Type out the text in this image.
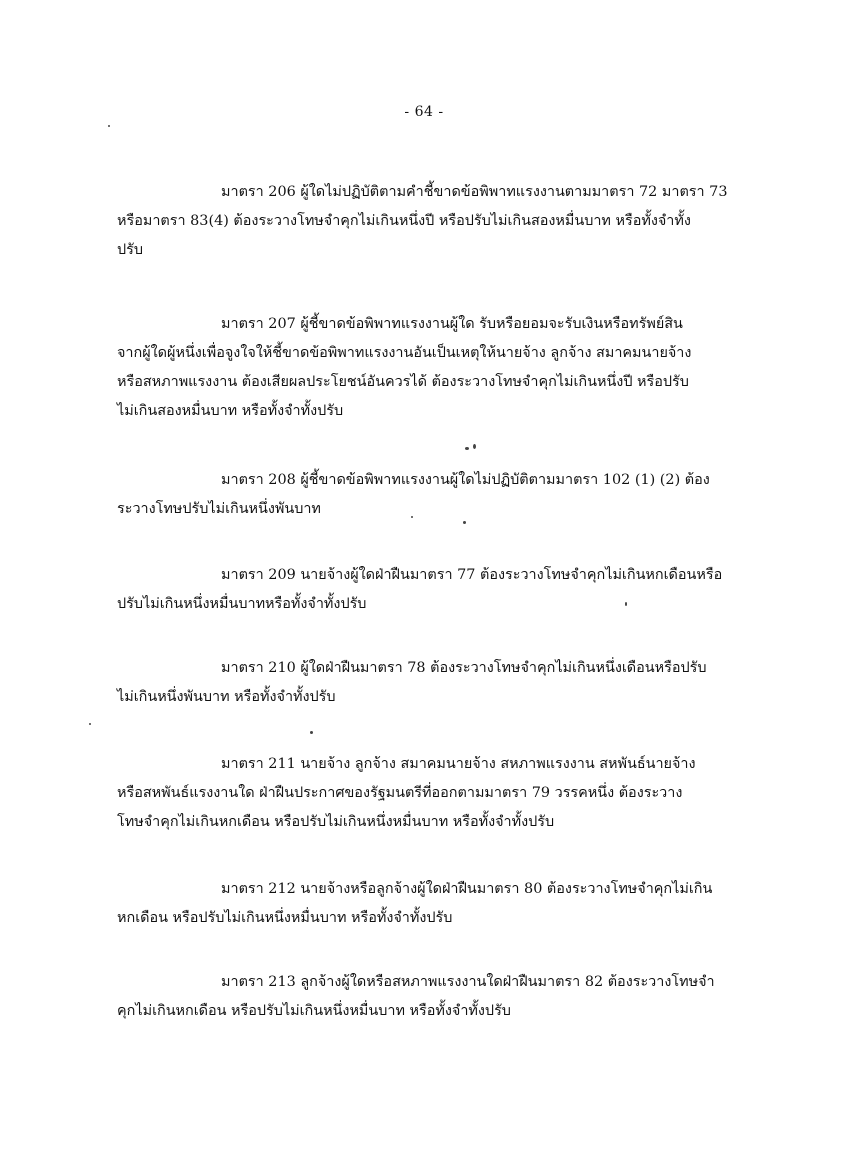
- 64 -
มาตรา 206 ผู้ใดไม่ปฏิบัติตามคำชี้ขาดข้อพิพาทแรงงานตามมาตรา 72 มาตรา 73
หรือมาตรา 83(4) ต้องระวางโทษจำคุกไม่เกินหนึ่งปี หรือปรับไม่เกินสองหมื่นบาท หรือทั้งจำทั้ง
ปรับ
มาตรา 207 ผู้ชี้ขาดข้อพิพาทแรงงานผู้ใด รับหรือยอมจะรับเงินหรือทรัพย์สิน
จากผู้ใดผู้หนึ่งเพื่อจูงใจให้ชี้ขาดข้อพิพาทแรงงานอันเป็นเหตุให้นายจ้าง ลูกจ้าง สมาคมนายจ้าง
หรือสหภาพแรงงาน ต้องเสียผลประโยชน์อันควรได้ ต้องระวางโทษจำคุกไม่เกินหนึ่งปี หรือปรับ
ไม่เกินสองหมื่นบาท หรือทั้งจำทั้งปรับ
มาตรา 208 ผู้ชี้ขาดข้อพิพาทแรงงานผู้ใดไม่ปฏิบัติตามมาตรา 102 (1) (2) ต้อง
ระวางโทษปรับไม่เกินหนึ่งพันบาท
มาตรา 209 นายจ้างผู้ใดฝ่าฝืนมาตรา 77 ต้องระวางโทษจำคุกไม่เกินหกเดือนหรือ
ปรับไม่เกินหนึ่งหมื่นบาทหรือทั้งจำทั้งปรับ
มาตรา 210 ผู้ใดฝ่าฝืนมาตรา 78 ต้องระวางโทษจำคุกไม่เกินหนึ่งเดือนหรือปรับ
ไม่เกินหนึ่งพันบาท หรือทั้งจำทั้งปรับ
มาตรา 211 นายจ้าง ลูกจ้าง สมาคมนายจ้าง สหภาพแรงงาน สหพันธ์นายจ้าง
หรือสหพันธ์แรงงานใด ฝ่าฝืนประกาศของรัฐมนตรีที่ออกตามมาตรา 79 วรรคหนึ่ง ต้องระวาง
โทษจำคุกไม่เกินหกเดือน หรือปรับไม่เกินหนึ่งหมื่นบาท หรือทั้งจำทั้งปรับ
มาตรา 212 นายจ้างหรือลูกจ้างผู้ใดฝ่าฝืนมาตรา 80 ต้องระวางโทษจำคุกไม่เกิน
หกเดือน หรือปรับไม่เกินหนึ่งหมื่นบาท หรือทั้งจำทั้งปรับ
มาตรา 213 ลูกจ้างผู้ใดหรือสหภาพแรงงานใดฝ่าฝืนมาตรา 82 ต้องระวางโทษจำ
คุกไม่เกินหกเดือน หรือปรับไม่เกินหนึ่งหมื่นบาท หรือทั้งจำทั้งปรับ
